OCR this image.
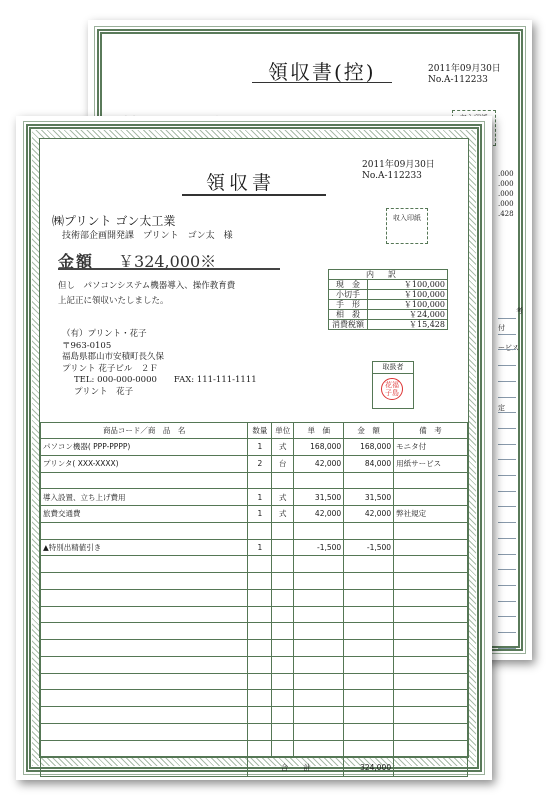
領収書(控)	2011年09月30日
No.A-112233
.000
.000
.000
.000
.428
考
付
ービス
定
領収書
2011年09月30日
No.A-112233
㈱プリント ゴン太工業
技術部企画開発課　プリント　ゴン太　様
収入印紙
金額 ￥324,000※
但し　パソコンシステム機器導入、操作教育費
上記正に領収いたしました。
（有）プリント・花子
〒963-0105
福島県郡山市安積町長久保
プリント 花子ビル　２Ｆ
TEL: 000-000-0000　　FAX: 111-111-1111
プリント　花子
内訳	
現　金	￥100,000
小切手	￥100,000
手　形	￥100,000
相　殺	￥24,000
消費税額	￥15,428
取扱者
花福子島
商品コード／商　品　名	数量	単位	単　価	金　額	備　考
パソコン機器( PPP-PPPP)	1	式	168,000	168,000	モニタ付
プリンタ( XXX-XXXX)	2	台	42,000	84,000	用紙サービス

導入設置、立ち上げ費用	1	式	31,500	31,500	
旅費交通費	1	式	42,000	42,000	弊社規定

▲特別出精値引き	1		-1,500	-1,500	

	合　　計			324,000	
